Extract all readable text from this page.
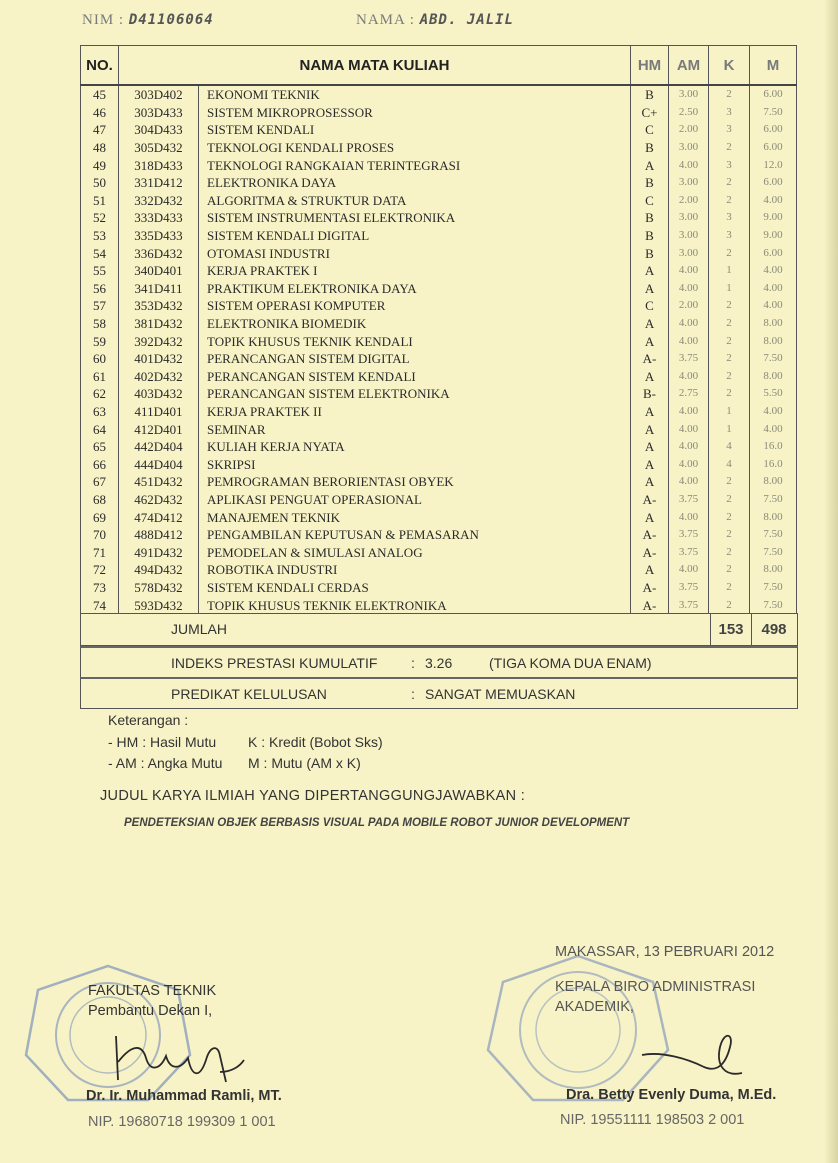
NIM : D41106064	NAMA : ABD. JALIL
NO.	NAMA MATA KULIAH		HM	AM	K	M
45	303D402	EKONOMI TEKNIK	B	3.00	2	6.00
46	303D433	SISTEM MIKROPROSESSOR	C+	2.50	3	7.50
47	304D433	SISTEM KENDALI	C	2.00	3	6.00
48	305D432	TEKNOLOGI KENDALI PROSES	B	3.00	2	6.00
49	318D433	TEKNOLOGI RANGKAIAN TERINTEGRASI	A	4.00	3	12.0
50	331D412	ELEKTRONIKA DAYA	B	3.00	2	6.00
51	332D432	ALGORITMA & STRUKTUR DATA	C	2.00	2	4.00
52	333D433	SISTEM INSTRUMENTASI ELEKTRONIKA	B	3.00	3	9.00
53	335D433	SISTEM KENDALI DIGITAL	B	3.00	3	9.00
54	336D432	OTOMASI INDUSTRI	B	3.00	2	6.00
55	340D401	KERJA PRAKTEK I	A	4.00	1	4.00
56	341D411	PRAKTIKUM ELEKTRONIKA DAYA	A	4.00	1	4.00
57	353D432	SISTEM OPERASI KOMPUTER	C	2.00	2	4.00
58	381D432	ELEKTRONIKA BIOMEDIK	A	4.00	2	8.00
59	392D432	TOPIK KHUSUS TEKNIK KENDALI	A	4.00	2	8.00
60	401D432	PERANCANGAN SISTEM DIGITAL	A-	3.75	2	7.50
61	402D432	PERANCANGAN SISTEM KENDALI	A	4.00	2	8.00
62	403D432	PERANCANGAN SISTEM ELEKTRONIKA	B-	2.75	2	5.50
63	411D401	KERJA PRAKTEK II	A	4.00	1	4.00
64	412D401	SEMINAR	A	4.00	1	4.00
65	442D404	KULIAH KERJA NYATA	A	4.00	4	16.0
66	444D404	SKRIPSI	A	4.00	4	16.0
67	451D432	PEMROGRAMAN BERORIENTASI OBYEK	A	4.00	2	8.00
68	462D432	APLIKASI PENGUAT OPERASIONAL	A-	3.75	2	7.50
69	474D412	MANAJEMEN TEKNIK	A	4.00	2	8.00
70	488D412	PENGAMBILAN KEPUTUSAN & PEMASARAN	A-	3.75	2	7.50
71	491D432	PEMODELAN & SIMULASI ANALOG	A-	3.75	2	7.50
72	494D432	ROBOTIKA INDUSTRI	A	4.00	2	8.00
73	578D432	SISTEM KENDALI CERDAS	A-	3.75	2	7.50
74	593D432	TOPIK KHUSUS TEKNIK ELEKTRONIKA	A-	3.75	2	7.50
JUMLAH	153	498
INDEKS PRESTASI KUMULATIF : 3.26	(TIGA KOMA DUA ENAM)
PREDIKAT KELULUSAN	: SANGAT MEMUASKAN
Keterangan :
- HM : Hasil Mutu K : Kredit (Bobot Sks)
- AM : Angka Mutu M : Mutu (AM x K)
JUDUL KARYA ILMIAH YANG DIPERTANGGUNGJAWABKAN :
PENDETEKSIAN OBJEK BERBASIS VISUAL PADA MOBILE ROBOT JUNIOR DEVELOPMENT
MAKASSAR, 13 PEBRUARI 2012
FAKULTAS TEKNIK
Pembantu Dekan I,
Dr. Ir. Muhammad Ramli, MT.
NIP. 19680718 199309 1 001
KEPALA BIRO ADMINISTRASI
AKADEMIK,
Dra. Betty Evenly Duma, M.Ed.
NIP. 19551111 198503 2 001
